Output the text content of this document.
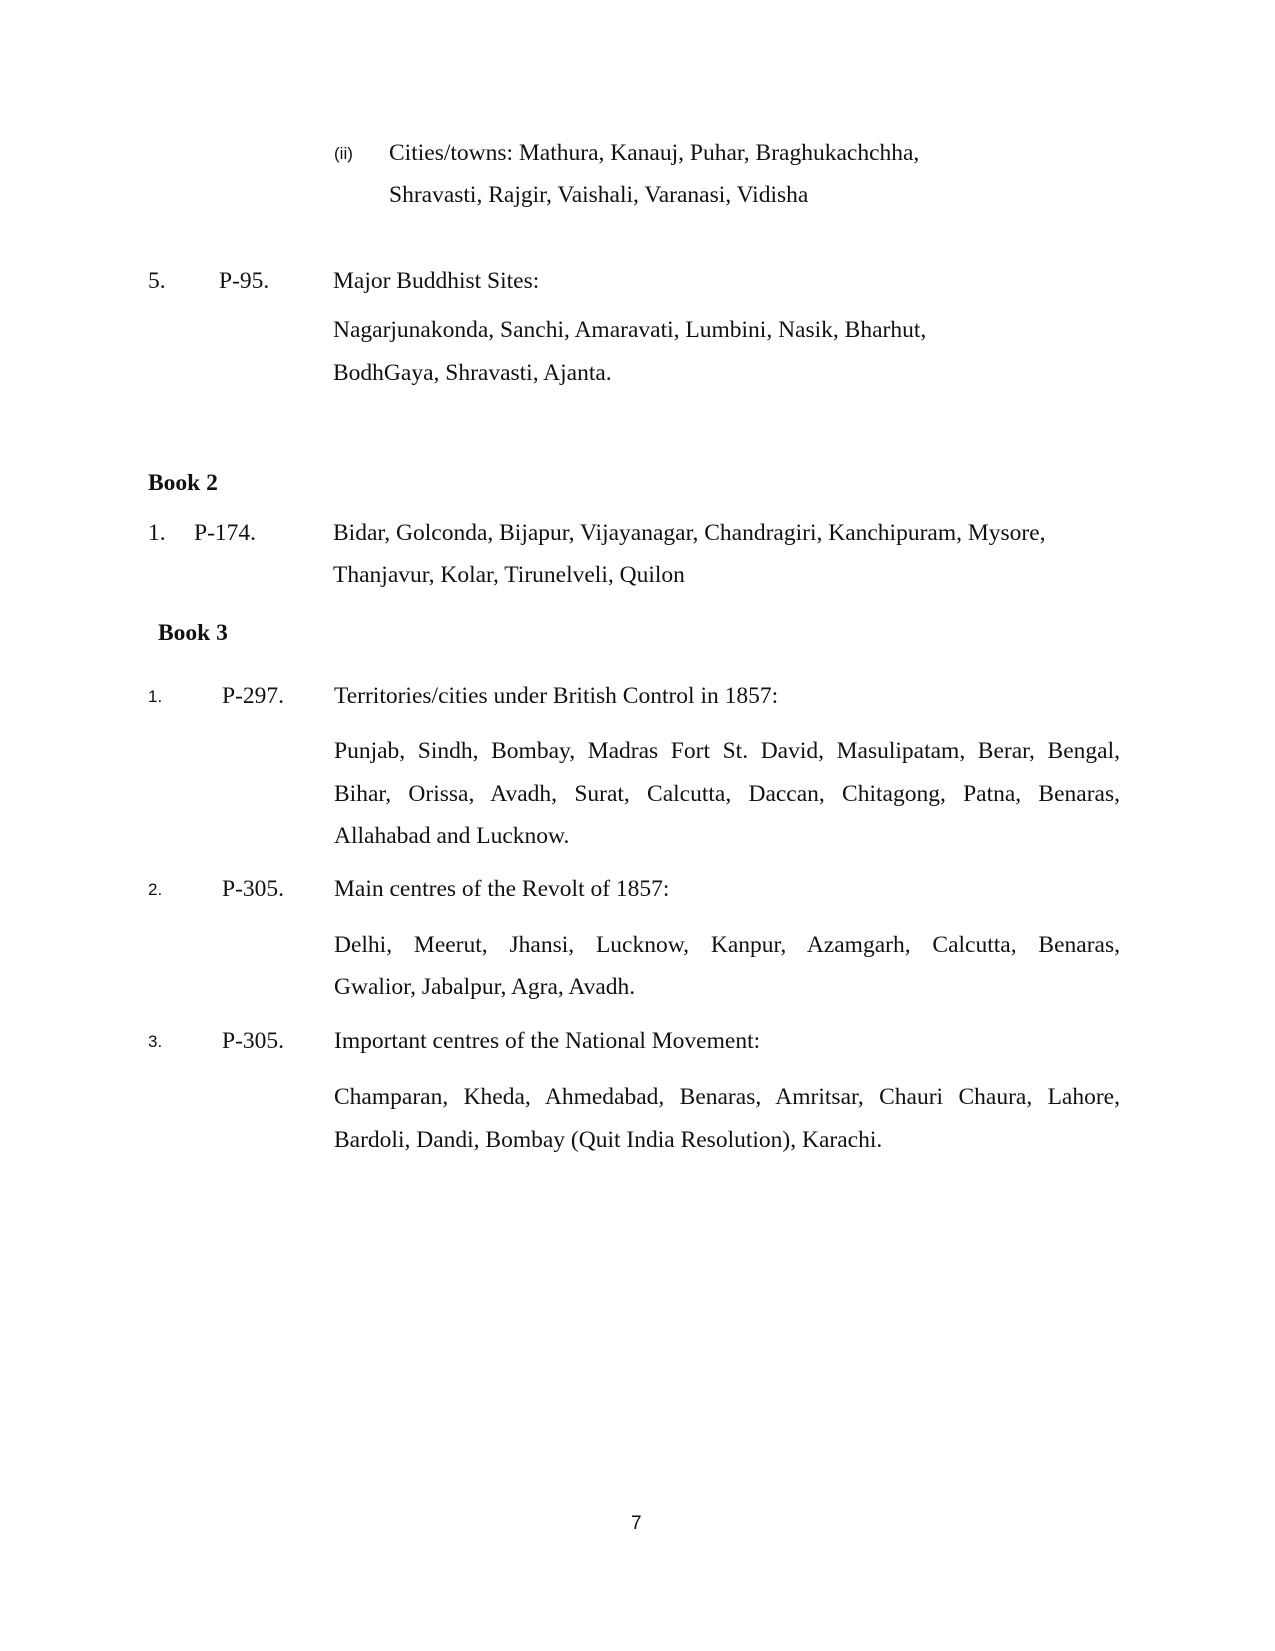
(ii) Cities/towns: Mathura, Kanauj, Puhar, Braghukachchha,
Shravasti, Rajgir, Vaishali, Varanasi, Vidisha
5. P-95.	Major Buddhist Sites:
Nagarjunakonda, Sanchi, Amaravati, Lumbini, Nasik, Bharhut,
BodhGaya, Shravasti, Ajanta.
Book 2
1. P-174.	Bidar, Golconda, Bijapur, Vijayanagar, Chandragiri, Kanchipuram, Mysore,
Thanjavur, Kolar, Tirunelveli, Quilon
Book 3
1.	P-297. Territories/cities under British Control in 1857:
Punjab, Sindh, Bombay, Madras Fort St. David, Masulipatam, Berar, Bengal,
Bihar, Orissa, Avadh, Surat, Calcutta, Daccan, Chitagong, Patna, Benaras,
Allahabad and Lucknow.
2.	P-305. Main centres of the Revolt of 1857:
Delhi, Meerut, Jhansi, Lucknow, Kanpur, Azamgarh, Calcutta, Benaras,
Gwalior, Jabalpur, Agra, Avadh.
3.	P-305. Important centres of the National Movement:
Champaran, Kheda, Ahmedabad, Benaras, Amritsar, Chauri Chaura, Lahore,
Bardoli, Dandi, Bombay (Quit India Resolution), Karachi.
7
